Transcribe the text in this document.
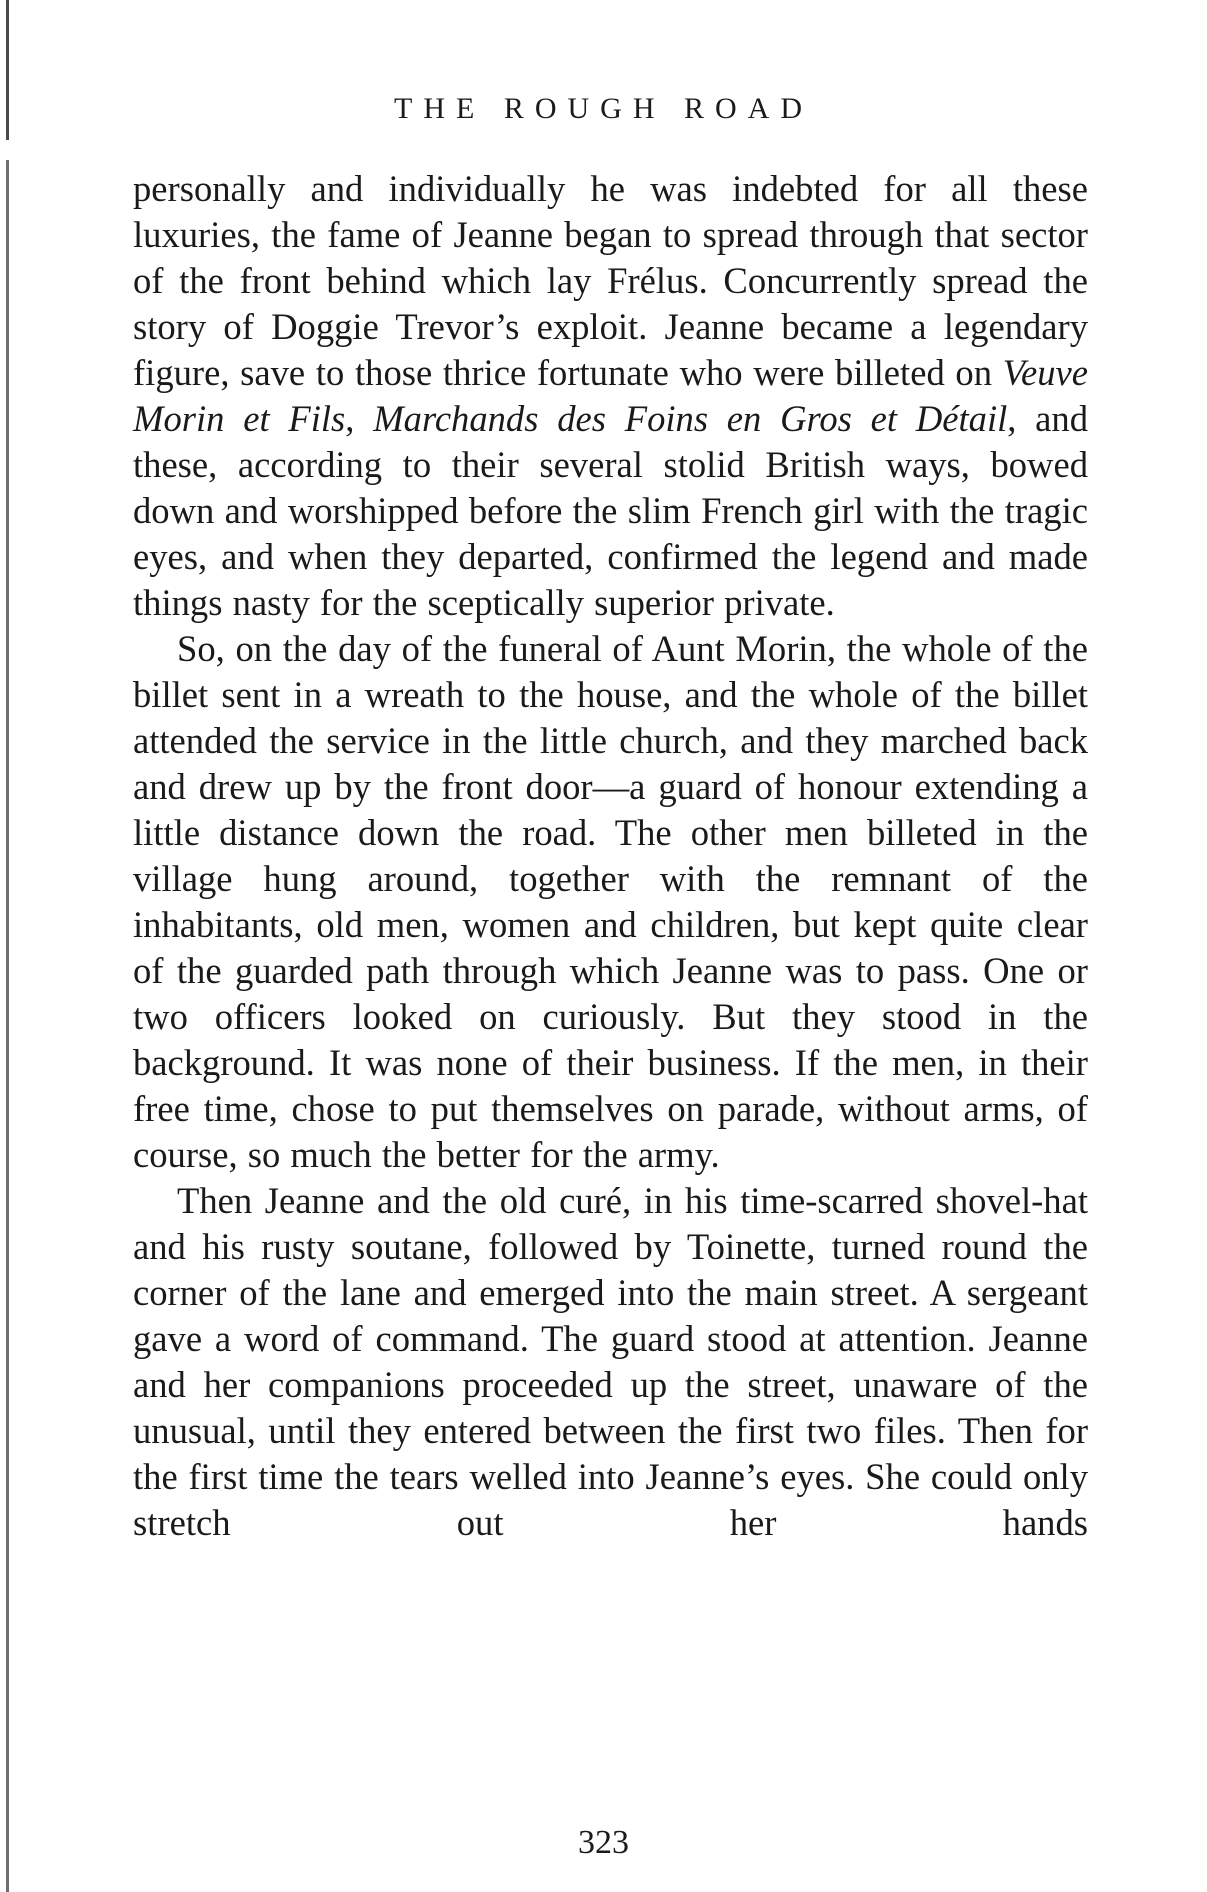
THE ROUGH ROAD

personally and individually he was indebted for all these luxuries, the fame of Jeanne began to spread through that sector of the front behind which lay Frélus. Concurrently spread the story of Doggie Trevor’s exploit. Jeanne became a legendary figure, save to those thrice fortunate who were billeted on Veuve Morin et Fils, Marchands des Foins en Gros et Détail, and these, according to their several stolid British ways, bowed down and worshipped before the slim French girl with the tragic eyes, and when they departed, confirmed the legend and made things nasty for the sceptically superior private.

So, on the day of the funeral of Aunt Morin, the whole of the billet sent in a wreath to the house, and the whole of the billet attended the service in the little church, and they marched back and drew up by the front door—a guard of honour extending a little distance down the road. The other men billeted in the village hung around, together with the remnant of the inhabitants, old men, women and children, but kept quite clear of the guarded path through which Jeanne was to pass. One or two officers looked on curiously. But they stood in the background. It was none of their business. If the men, in their free time, chose to put themselves on parade, without arms, of course, so much the better for the army.

Then Jeanne and the old curé, in his time-scarred shovel-hat and his rusty soutane, followed by Toinette, turned round the corner of the lane and emerged into the main street. A sergeant gave a word of command. The guard stood at attention. Jeanne and her companions proceeded up the street, unaware of the unusual, until they entered between the first two files. Then for the first time the tears welled into Jeanne’s eyes. She could only stretch out her hands

323
